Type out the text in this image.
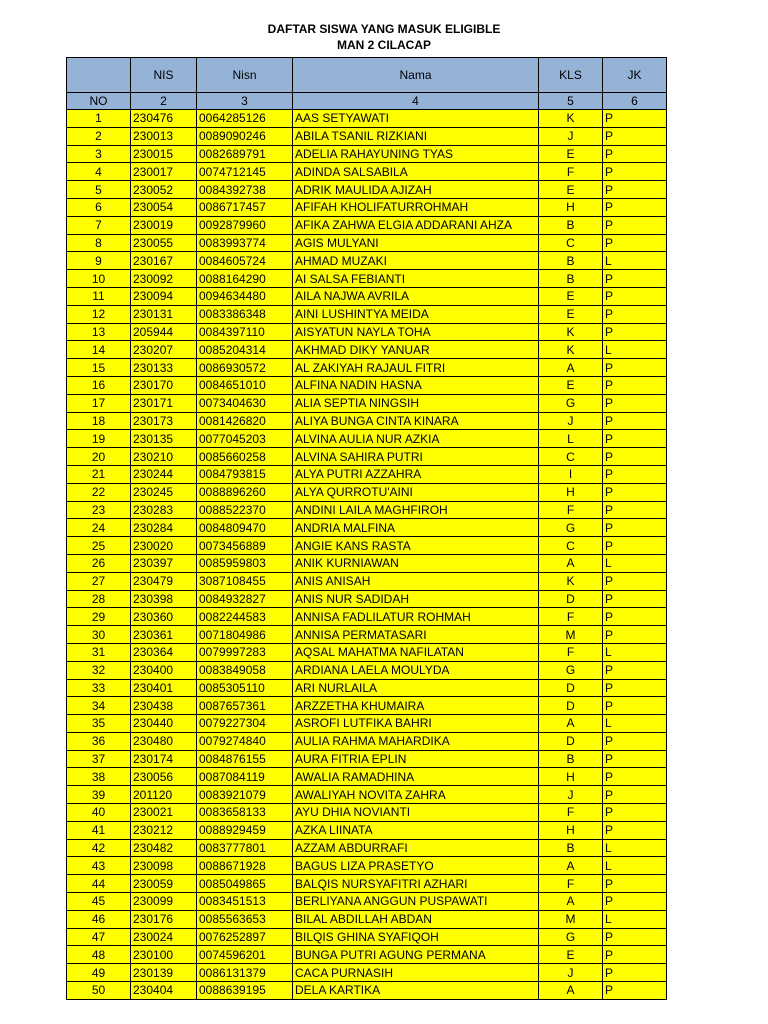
DAFTAR SISWA YANG MASUK ELIGIBLE
MAN 2 CILACAP
	NIS	Nisn	Nama	KLS	JK
NO	2	3	4	5	6
1	230476	0064285126	AAS SETYAWATI	K	P
2	230013	0089090246	ABILA TSANIL RIZKIANI	J	P
3	230015	0082689791	ADELIA RAHAYUNING TYAS	E	P
4	230017	0074712145	ADINDA SALSABILA	F	P
5	230052	0084392738	ADRIK MAULIDA AJIZAH	E	P
6	230054	0086717457	AFIFAH KHOLIFATURROHMAH	H	P
7	230019	0092879960	AFIKA ZAHWA ELGIA ADDARANI AHZA	B	P
8	230055	0083993774	AGIS MULYANI	C	P
9	230167	0084605724	AHMAD MUZAKI	B	L
10	230092	0088164290	AI SALSA FEBIANTI	B	P
11	230094	0094634480	AILA NAJWA AVRILA	E	P
12	230131	0083386348	AINI LUSHINTYA MEIDA	E	P
13	205944	0084397110	AISYATUN NAYLA TOHA	K	P
14	230207	0085204314	AKHMAD DIKY YANUAR	K	L
15	230133	0086930572	AL ZAKIYAH RAJAUL FITRI	A	P
16	230170	0084651010	ALFINA NADIN HASNA	E	P
17	230171	0073404630	ALIA SEPTIA NINGSIH	G	P
18	230173	0081426820	ALIYA BUNGA CINTA KINARA	J	P
19	230135	0077045203	ALVINA AULIA NUR AZKIA	L	P
20	230210	0085660258	ALVINA SAHIRA PUTRI	C	P
21	230244	0084793815	ALYA PUTRI AZZAHRA	I	P
22	230245	0088896260	ALYA QURROTU'AINI	H	P
23	230283	0088522370	ANDINI LAILA MAGHFIROH	F	P
24	230284	0084809470	ANDRIA MALFINA	G	P
25	230020	0073456889	ANGIE KANS RASTA	C	P
26	230397	0085959803	ANIK KURNIAWAN	A	L
27	230479	3087108455	ANIS ANISAH	K	P
28	230398	0084932827	ANIS NUR SADIDAH	D	P
29	230360	0082244583	ANNISA FADLILATUR ROHMAH	F	P
30	230361	0071804986	ANNISA PERMATASARI	M	P
31	230364	0079997283	AQSAL MAHATMA NAFILATAN	F	L
32	230400	0083849058	ARDIANA LAELA MOULYDA	G	P
33	230401	0085305110	ARI NURLAILA	D	P
34	230438	0087657361	ARZZETHA KHUMAIRA	D	P
35	230440	0079227304	ASROFI LUTFIKA BAHRI	A	L
36	230480	0079274840	AULIA RAHMA MAHARDIKA	D	P
37	230174	0084876155	AURA FITRIA EPLIN	B	P
38	230056	0087084119	AWALIA RAMADHINA	H	P
39	201120	0083921079	AWALIYAH NOVITA ZAHRA	J	P
40	230021	0083658133	AYU DHIA NOVIANTI	F	P
41	230212	0088929459	AZKA LIINATA	H	P
42	230482	0083777801	AZZAM ABDURRAFI	B	L
43	230098	0088671928	BAGUS LIZA PRASETYO	A	L
44	230059	0085049865	BALQIS NURSYAFITRI AZHARI	F	P
45	230099	0083451513	BERLIYANA ANGGUN PUSPAWATI	A	P
46	230176	0085563653	BILAL ABDILLAH ABDAN	M	L
47	230024	0076252897	BILQIS GHINA SYAFIQOH	G	P
48	230100	0074596201	BUNGA PUTRI AGUNG PERMANA	E	P
49	230139	0086131379	CACA PURNASIH	J	P
50	230404	0088639195	DELA KARTIKA	A	P
